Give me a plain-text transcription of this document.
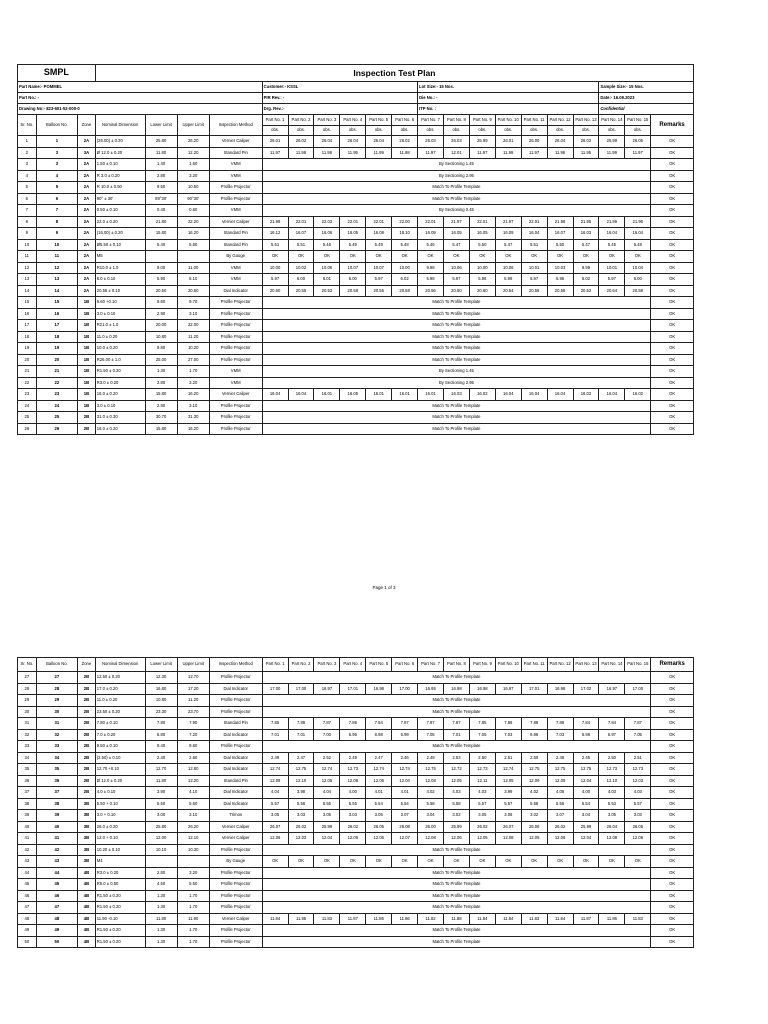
SMPL			Inspection Test Plan																			
Part Name:- POMMEL							Customer:- KSSL						Lot Size:- 15 Nos.							Sample Size:- 15 Nos.		
Part No.: -							PIR Rev.: -						Die No.: -							Date:- 16.09.2023		
Drawing No:- 823-601-52-000-0							Drg. Rev.:-						ITP No. :							Confidential		
Sr. No.	Balloon No.	Zone	Nominal Dimension	Lower Limit	Upper Limit	Inspection Method	Part No. 1	Part No. 2	Part No. 3	Part No. 4	Part No. 5	Part No. 6	Part No. 7	Part No. 8	Part No. 9	Part No. 10	Part No. 11	Part No. 12	Part No. 13	Part No. 14	Part No. 15	Remarks
							obs.	obs.	obs.	obs.	obs.	obs.	obs.	obs.	obs.	obs.	obs.	obs.	obs.	obs.	obs.	
1	1	2A	(26.00) ± 0.20	25.80	26.20	Vernier Caliper	26.01	26.02	26.04	26.04	26.04	26.02	26.03	26.03	25.99	26.01	26.00	26.04	26.02	25.99	26.05	OK
2	3	3A	Ø 12.0 ± 0.20	11.80	12.20	Standard Pin	11.97	11.98	11.98	11.95	11.99	11.98	11.97	12.01	11.97	11.99	11.97	11.96	11.95	11.99	11.97	OK
3	3	2A	1.50 ± 0.10	1.40	1.60	VMM	By Sectioning 1.45															OK
4	4	2A	R 3.0 ± 0.20	2.80	3.20	VMM	By Sectioning 2.95															OK
5	5	2A	R 10.0 ± 0.50	9.50	10.50	Profile Projector	Match To Profile Template															OK
6	6	2A	90° ± 30'	89°30'	90°30'	Profile Projector	Match To Profile Template															OK
7	7	2A	0.50 ± 0.10	0.40	0.60	VMM	By Sectioning 0.45															OK
8	8	2A	22.0 ± 0.20	21.80	22.20	Vernier Caliper	21.98	22.01	22.03	22.01	22.01	22.00	22.01	21.97	22.01	21.97	22.01	21.98	21.95	21.96	21.96	OK
9	9	2A	(16.00) ± 0.20	15.80	16.20	Standard Pin	16.12	16.07	16.06	16.05	16.08	16.10	16.09	16.05	16.05	16.09	16.04	16.07	16.03	16.04	16.04	OK
10	10	2A	Ø5.50 ± 0.10	5.40	5.60	Standard Pin	5.51	5.51	5.46	5.49	5.49	5.48	5.46	5.47	5.50	5.47	5.51	5.50	5.47	5.46	5.48	OK
11	11	2A	M5			By Gauge	OK	OK	OK	OK	OK	OK	OK	OK	OK	OK	OK	OK	OK	OK	OK	OK
12	12	2A	R10.0 ± 1.0	9.00	11.00	VMM	10.00	10.02	10.06	10.07	10.07	10.00	9.98	10.06	10.00	10.06	10.01	10.03	9.99	10.01	10.04	OK
13	13	2A	6.0 ± 0.10	5.90	6.10	VMM	5.97	6.00	6.01	6.00	5.97	6.02	5.98	5.97	5.96	5.99	5.97	5.96	6.02	5.97	6.00	OK
14	14	2A	20.55 ± 0.10	20.50	20.60	Dial Indicator	20.60	20.55	20.53	20.58	20.55	20.58	20.56	20.60	20.60	20.54	20.56	20.58	20.52	20.54	20.58	OK
15	15	1B	9.60 +0.10	9.60	9.70	Profile Projector	Match To Profile Template															OK
16	16	1B	3.0 ± 0.10	2.90	3.10	Profile Projector	Match To Profile Template															OK
17	17	1B	R21.0 ± 1.0	20.00	22.00	Profile Projector	Match To Profile Template															OK
18	18	1B	11.0 ± 0.20	10.80	11.20	Profile Projector	Match To Profile Template															OK
19	19	1B	10.0 ± 0.20	9.80	10.20	Profile Projector	Match To Profile Template															OK
20	20	1B	R26.00 ± 1.0	25.00	27.00	Profile Projector	Match To Profile Template															OK
21	21	1B	R1.50 ± 0.20	1.30	1.70	VMM	By Sectioning 1.45															OK
22	22	1B	R3.0 ± 0.20	2.80	3.20	VMM	By Sectioning 2.95															OK
23	23	1B	16.0 ± 0.20	15.80	16.20	Vernier Caliper	16.04	16.04	16.01	16.05	16.01	16.01	16.01	16.03	16.02	16.04	16.04	16.04	16.02	16.04	16.02	OK
24	24	1B	3.0 ± 0.10	2.90	3.10	Profile Projector	Match To Profile Template															OK
25	25	2B	31.0 ± 0.30	30.70	31.30	Profile Projector	Match To Profile Template															OK
26	26	2B	16.0 ± 0.20	15.80	16.20	Profile Projector	Match To Profile Template															OK
Page 1 of 3
Sr. No.	Balloon No.	Zone	Nominal Dimension	Lower Limit	Upper Limit	Inspection Method	Part No. 1	Part No. 2	Part No. 3	Part No. 4	Part No. 5	Part No. 6	Part No. 7	Part No. 8	Part No. 9	Part No. 10	Part No. 11	Part No. 12	Part No. 13	Part No. 14	Part No. 15	Remarks
27	27	2B	12.50 ± 0.20	12.30	12.70	Profile Projector	Match To Profile Template															OK
28	28	2B	17.0 ± 0.20	16.80	17.20	Dial Indicator	17.00	17.00	16.97	17.01	16.98	17.00	16.95	16.98	16.98	16.97	17.01	16.98	17.02	16.97	17.00	OK
29	29	2B	11.0 ± 0.20	10.80	11.20	Profile Projector	Match To Profile Template															OK
30	30	2B	23.50 ± 0.20	23.30	23.70	Profile Projector	Match To Profile Template															OK
31	31	2B	7.80 ± 0.10	7.80	7.90	Standard Pin	7.85	7.88	7.87	7.86	7.84	7.87	7.87	7.87	7.85	7.86	7.88	7.88	7.84	7.84	7.87	OK
32	32	2B	7.0 ± 0.20	6.80	7.20	Dial Indicator	7.01	7.01	7.00	6.96	6.98	6.99	7.05	7.01	7.05	7.03	6.96	7.03	6.96	6.97	7.05	OK
33	33	2B	9.50 ± 0.10	9.40	9.60	Profile Projector	Match To Profile Template															OK
34	34	2B	(2.50) ± 0.10	2.40	2.60	Dial Indicator	2.49	2.47	2.52	2.49	2.47	2.46	2.49	2.53	2.50	2.51	2.50	2.48	2.45	2.50	2.51	OK
35	35	2B	12.70 +0.10	12.70	12.80	Dial Indicator	12.74	12.75	12.74	12.73	12.74	12.74	12.75	12.72	12.73	12.74	12.75	12.75	12.75	12.73	12.73	OK
36	36	2B	Ø 12.0 ± 0.20	11.80	12.20	Standard Pin	12.08	12.10	12.05	12.08	12.06	12.04	12.08	12.05	12.11	12.05	12.09	12.09	12.04	12.10	12.03	OK
37	37	2B	4.0 ± 0.10	3.90	4.10	Dial Indicator	4.04	3.98	4.04	4.00	4.01	4.01	4.02	4.03	4.03	3.99	4.02	4.05	4.00	4.03	4.03	OK
38	38	3B	5.50 + 0.10	5.50	5.60	Dial Indicator	5.57	5.58	5.55	5.55	5.54	5.54	5.58	5.58	5.57	5.57	5.58	5.56	5.54	5.53	5.57	OK
39	39	3B	3.0 + 0.10	3.00	3.10	Trimos	3.05	3.03	3.05	3.03	3.05	3.07	3.04	3.02	3.05	3.06	3.02	3.07	3.04	3.05	3.03	OK
40	40	3B	26.0 ± 0.20	25.80	26.20	Vernier Caliper	26.07	26.02	25.99	26.02	26.05	26.08	26.00	25.99	26.02	26.07	26.06	26.02	25.99	26.04	26.05	OK
41	41	3B	12.0 + 0.10	12.00	12.10	Vernier Caliper	12.06	12.03	12.04	12.06	12.06	12.07	12.08	12.06	12.05	12.08	12.05	12.06	12.04	12.08	12.06	OK
42	42	3B	10.20 ± 0.10	10.10	10.30	Profile Projector	Match To Profile Template															OK
43	43	3B	M4			By Gauge	OK	OK	OK	OK	OK	OK	OK	OK	OK	OK	OK	OK	OK	OK	OK	OK
44	44	4B	R3.0 ± 0.20	2.80	3.20	Profile Projector	Match To Profile Template															OK
45	45	4B	R5.0 ± 0.50	4.50	5.50	Profile Projector	Match To Profile Template															OK
46	46	4B	R1.50 ± 0.20	1.30	1.70	Profile Projector	Match To Profile Template															OK
47	47	4B	R1.50 ± 0.20	1.30	1.70	Profile Projector	Match To Profile Template															OK
48	48	4B	11.90 -0.10	11.80	11.90	Vernier Caliper	11.84	11.85	11.83	11.87	11.86	11.86	11.82	11.88	11.84	11.84	11.83	11.84	11.87	11.86	11.83	OK
49	49	4B	R1.50 ± 0.20	1.30	1.70	Profile Projector	Match To Profile Template															OK
50	50	4B	R1.50 ± 0.20	1.30	1.70	Profile Projector	Match To Profile Template															OK
